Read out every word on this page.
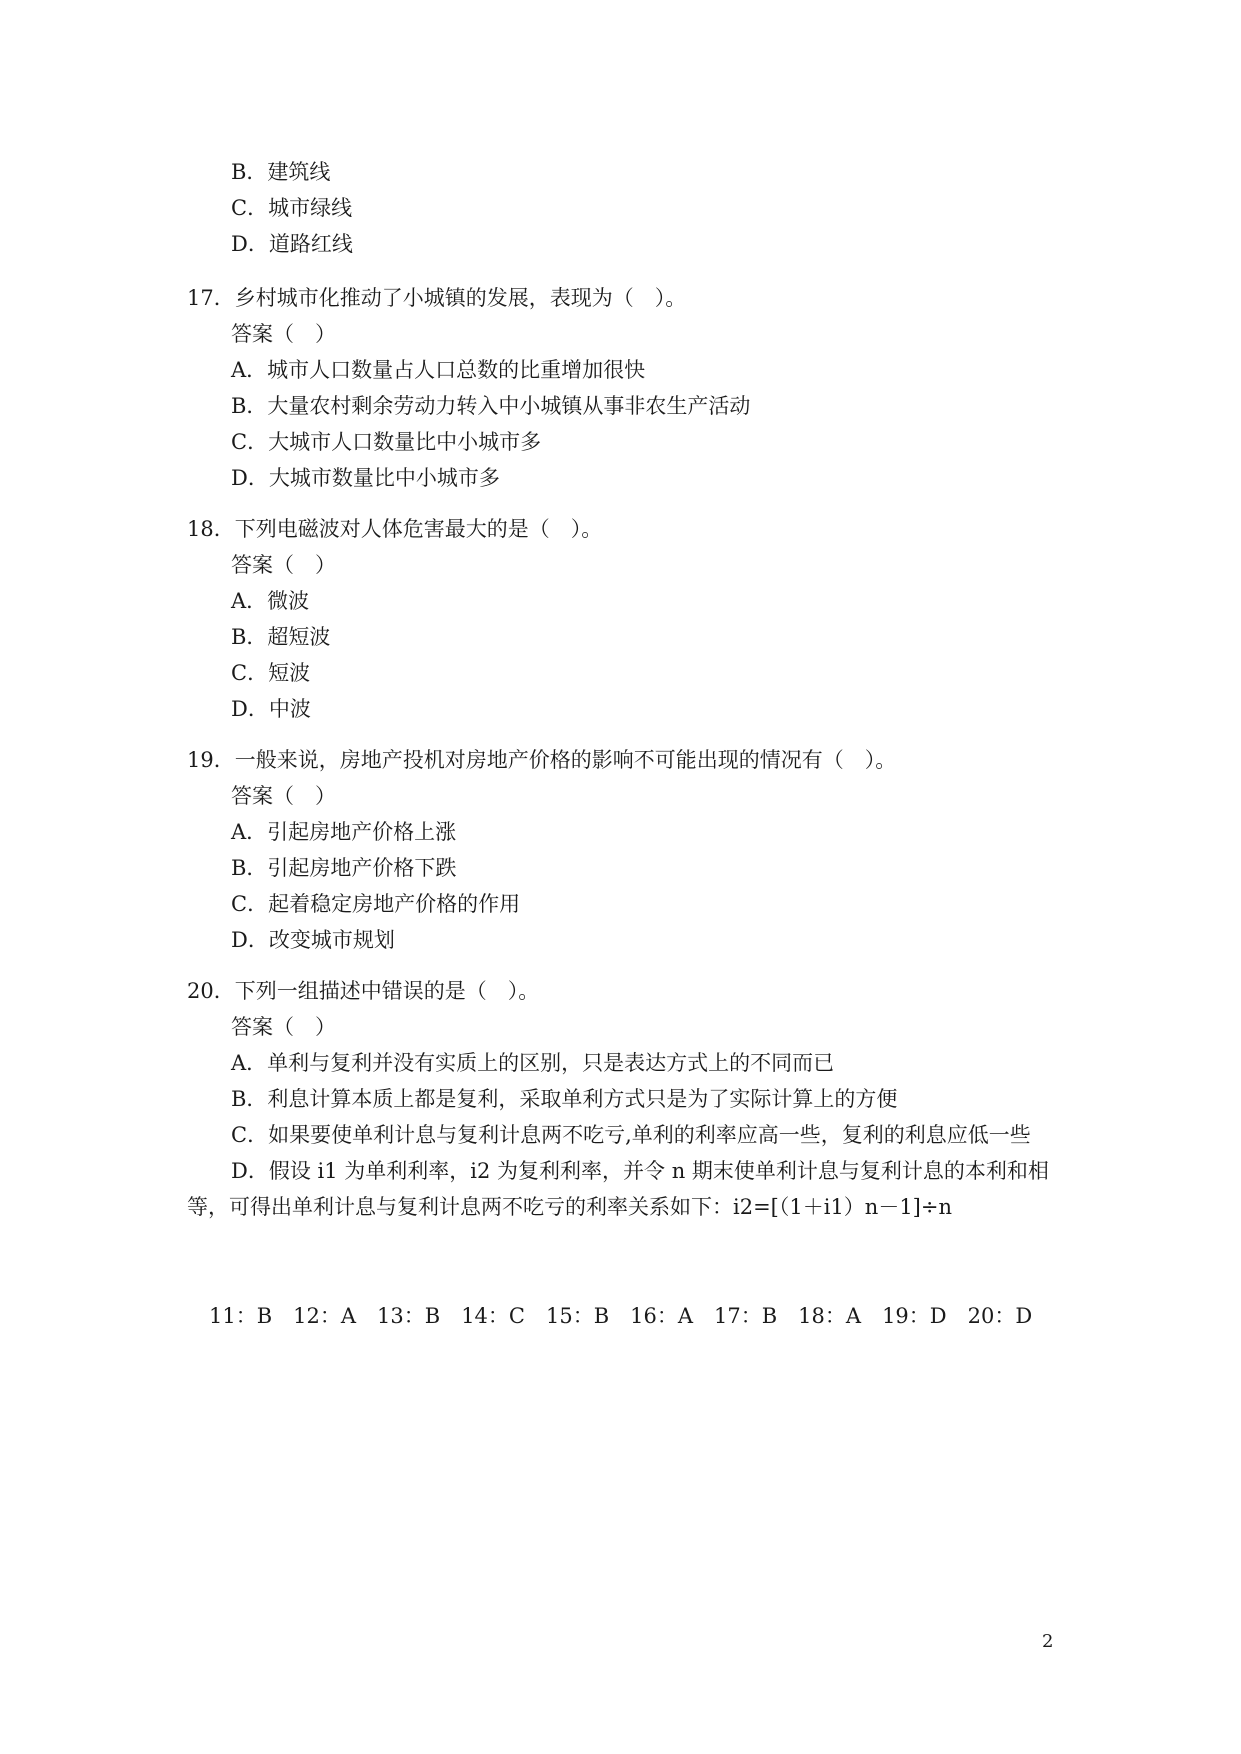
B．建筑线
C．城市绿线
D．道路红线
17．乡村城市化推动了小城镇的发展，表现为（　）。
答案（　）
A．城市人口数量占人口总数的比重增加很快
B．大量农村剩余劳动力转入中小城镇从事非农生产活动
C．大城市人口数量比中小城市多
D．大城市数量比中小城市多
18．下列电磁波对人体危害最大的是（　）。
答案（　）
A．微波
B．超短波
C．短波
D．中波
19．一般来说，房地产投机对房地产价格的影响不可能出现的情况有（　）。
答案（　）
A．引起房地产价格上涨
B．引起房地产价格下跌
C．起着稳定房地产价格的作用
D．改变城市规划
20．下列一组描述中错误的是（　）。
答案（　）
A．单利与复利并没有实质上的区别，只是表达方式上的不同而已
B．利息计算本质上都是复利，采取单利方式只是为了实际计算上的方便
C．如果要使单利计息与复利计息两不吃亏,单利的利率应高一些，复利的利息应低一些
D．假设 i1 为单利利率，i2 为复利利率，并令 n 期末使单利计息与复利计息的本利和相
等，可得出单利计息与复利计息两不吃亏的利率关系如下：i2=[（1＋i1）n－1]÷n
11：B　12：A　13：B　14：C　15：B　16：A　17：B　18：A　19：D　20：D
2
